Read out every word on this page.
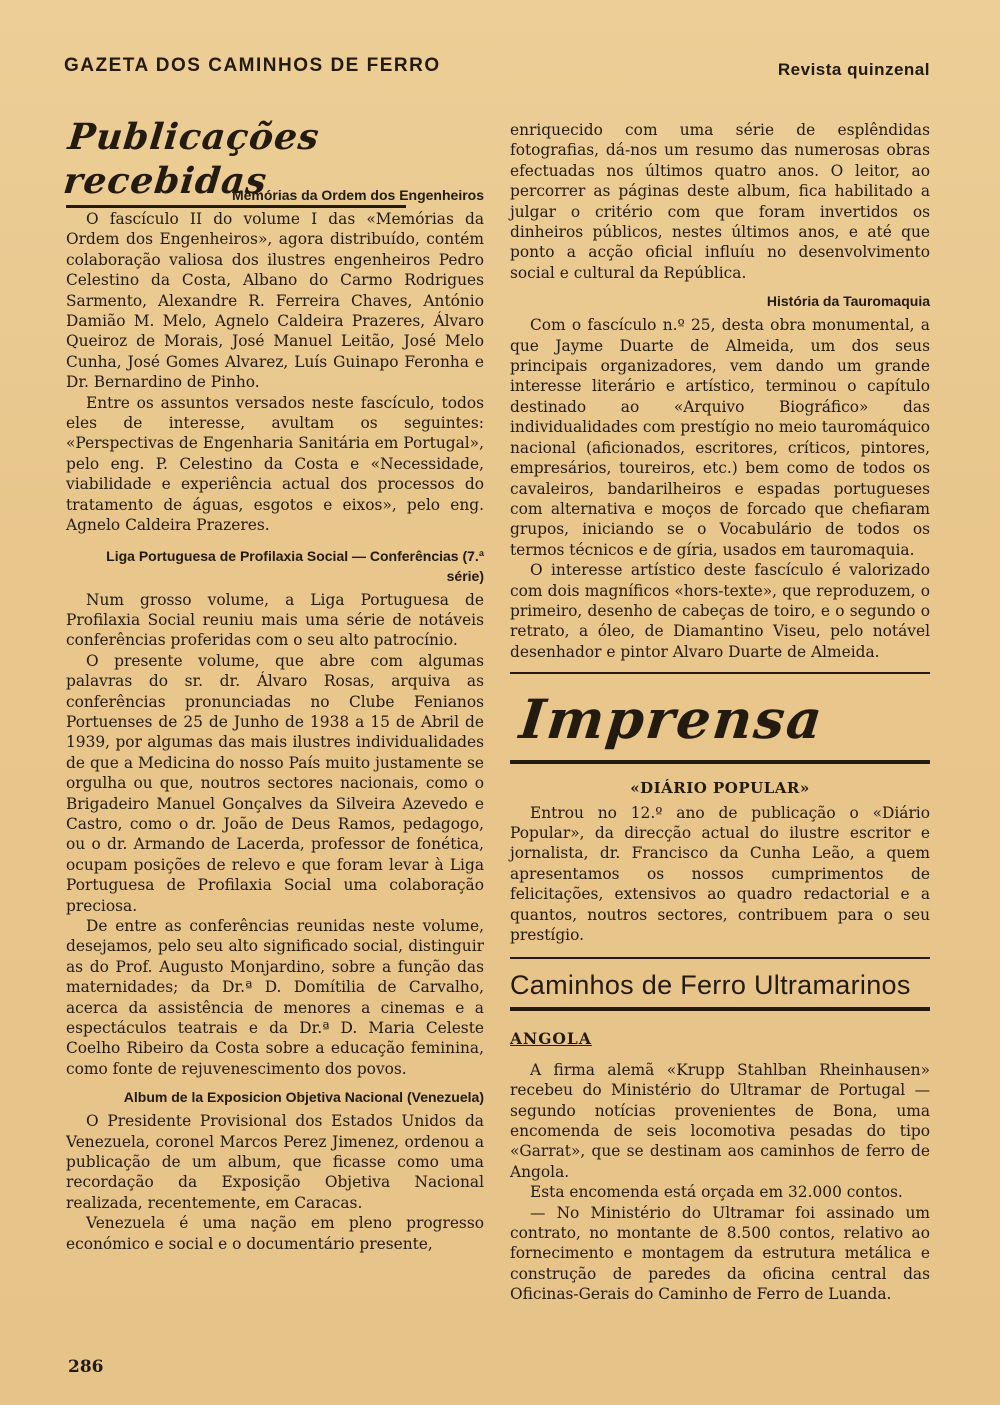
GAZETA DOS CAMINHOS DE FERRO	Revista quinzenal
Publicações recebidas
Memórias da Ordem dos Engenheiros

O fascículo II do volume I das «Memórias da Ordem dos Engenheiros», agora distribuído, contém colaboração valiosa dos ilustres engenheiros Pedro Celestino da Costa, Albano do Carmo Rodrigues Sarmento, Alexandre R. Ferreira Chaves, António Damião M. Melo, Agnelo Caldeira Prazeres, Álvaro Queiroz de Morais, José Manuel Leitão, José Melo Cunha, José Gomes Alvarez, Luís Guinapo Feronha e Dr. Bernardino de Pinho.

Entre os assuntos versados neste fascículo, todos eles de interesse, avultam os seguintes: «Perspectivas de Engenharia Sanitária em Portugal», pelo eng. P. Celestino da Costa e «Necessidade, viabilidade e experiência actual dos processos do tratamento de águas, esgotos e eixos», pelo eng. Agnelo Caldeira Prazeres.

Liga Portuguesa de Profilaxia Social — Conferências (7.ª série)

Num grosso volume, a Liga Portuguesa de Profilaxia Social reuniu mais uma série de notáveis conferências proferidas com o seu alto patrocínio.

O presente volume, que abre com algumas palavras do sr. dr. Álvaro Rosas, arquiva as conferências pronunciadas no Clube Fenianos Portuenses de 25 de Junho de 1938 a 15 de Abril de 1939, por algumas das mais ilustres individualidades de que a Medicina do nosso País muito justamente se orgulha ou que, noutros sectores nacionais, como o Brigadeiro Manuel Gonçalves da Silveira Azevedo e Castro, como o dr. João de Deus Ramos, pedagogo, ou o dr. Armando de Lacerda, professor de fonética, ocupam posições de relevo e que foram levar à Liga Portuguesa de Profilaxia Social uma colaboração preciosa.

De entre as conferências reunidas neste volume, desejamos, pelo seu alto significado social, distinguir as do Prof. Augusto Monjardino, sobre a função das maternidades; da Dr.ª D. Domítilia de Carvalho, acerca da assistência de menores a cinemas e a espectáculos teatrais e da Dr.ª D. Maria Celeste Coelho Ribeiro da Costa sobre a educação feminina, como fonte de rejuvenescimento dos povos.

Album de la Exposicion Objetiva Nacional (Venezuela)

O Presidente Provisional dos Estados Unidos da Venezuela, coronel Marcos Perez Jimenez, ordenou a publicação de um album, que ficasse como uma recordação da Exposição Objetiva Nacional realizada, recentemente, em Caracas.

Venezuela é uma nação em pleno progresso económico e social e o documentário presente,

enriquecido com uma série de esplêndidas fotografias, dá-nos um resumo das numerosas obras efectuadas nos últimos quatro anos. O leitor, ao percorrer as páginas deste album, fica habilitado a julgar o critério com que foram invertidos os dinheiros públicos, nestes últimos anos, e até que ponto a acção oficial influíu no desenvolvimento social e cultural da República.

História da Tauromaquia

Com o fascículo n.º 25, desta obra monumental, a que Jayme Duarte de Almeida, um dos seus principais organizadores, vem dando um grande interesse literário e artístico, terminou o capítulo destinado ao «Arquivo Biográfico» das individualidades com prestígio no meio tauromáquico nacional (aficionados, escritores, críticos, pintores, empresários, toureiros, etc.) bem como de todos os cavaleiros, bandarilheiros e espadas portugueses com alternativa e moços de forcado que chefiaram grupos, iniciando se o Vocabulário de todos os termos técnicos e de gíria, usados em tauromaquia.

O interesse artístico deste fascículo é valorizado com dois magníficos «hors-texte», que reproduzem, o primeiro, desenho de cabeças de toiro, e o segundo o retrato, a óleo, de Diamantino Viseu, pelo notável desenhador e pintor Alvaro Duarte de Almeida.

Imprensa
«DIÁRIO POPULAR»

Entrou no 12.º ano de publicação o «Diário Popular», da direcção actual do ilustre escritor e jornalista, dr. Francisco da Cunha Leão, a quem apresentamos os nossos cumprimentos de felicitações, extensivos ao quadro redactorial e a quantos, noutros sectores, contribuem para o seu prestígio.

Caminhos de Ferro Ultramarinos
ANGOLA

A firma alemã «Krupp Stahlban Rheinhausen» recebeu do Ministério do Ultramar de Portugal — segundo notícias provenientes de Bona, uma encomenda de seis locomotiva pesadas do tipo «Garrat», que se destinam aos caminhos de ferro de Angola.

Esta encomenda está orçada em 32.000 contos.

— No Ministério do Ultramar foi assinado um contrato, no montante de 8.500 contos, relativo ao fornecimento e montagem da estrutura metálica e construção de paredes da oficina central das Oficinas-Gerais do Caminho de Ferro de Luanda.

286
